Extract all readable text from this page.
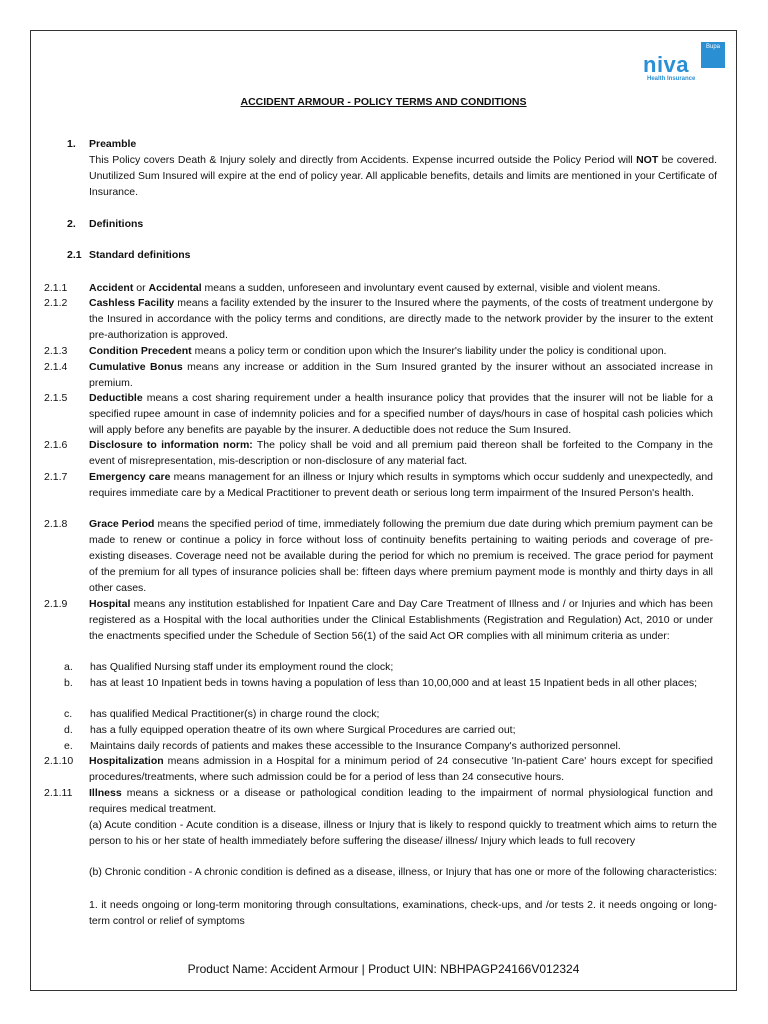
Bupa
niva
Health Insurance
ACCIDENT ARMOUR - POLICY TERMS AND CONDITIONS
1. Preamble
This Policy covers Death & Injury solely and directly from Accidents. Expense incurred outside the Policy Period will NOT be covered. Unutilized Sum Insured will expire at the end of policy year. All applicable benefits, details and limits are mentioned in your Certificate of Insurance.
2. Definitions
2.1 Standard definitions
2.1.1 Accident or Accidental means a sudden, unforeseen and involuntary event caused by external, visible and violent means.
2.1.2 Cashless Facility means a facility extended by the insurer to the Insured where the payments, of the costs of treatment undergone by the Insured in accordance with the policy terms and conditions, are directly made to the network provider by the insurer to the extent pre-authorization is approved.
2.1.3 Condition Precedent means a policy term or condition upon which the Insurer's liability under the policy is conditional upon.
2.1.4 Cumulative Bonus means any increase or addition in the Sum Insured granted by the insurer without an associated increase in premium.
2.1.5 Deductible means a cost sharing requirement under a health insurance policy that provides that the insurer will not be liable for a specified rupee amount in case of indemnity policies and for a specified number of days/hours in case of hospital cash policies which will apply before any benefits are payable by the insurer. A deductible does not reduce the Sum Insured.
2.1.6 Disclosure to information norm: The policy shall be void and all premium paid thereon shall be forfeited to the Company in the event of misrepresentation, mis-description or non-disclosure of any material fact.
2.1.7 Emergency care means management for an illness or Injury which results in symptoms which occur suddenly and unexpectedly, and requires immediate care by a Medical Practitioner to prevent death or serious long term impairment of the Insured Person's health.
2.1.8 Grace Period means the specified period of time, immediately following the premium due date during which premium payment can be made to renew or continue a policy in force without loss of continuity benefits pertaining to waiting periods and coverage of pre-existing diseases. Coverage need not be available during the period for which no premium is received. The grace period for payment of the premium for all types of insurance policies shall be: fifteen days where premium payment mode is monthly and thirty days in all other cases.
2.1.9 Hospital means any institution established for Inpatient Care and Day Care Treatment of Illness and / or Injuries and which has been registered as a Hospital with the local authorities under the Clinical Establishments (Registration and Regulation) Act, 2010 or under the enactments specified under the Schedule of Section 56(1) of the said Act OR complies with all minimum criteria as under:
a. has Qualified Nursing staff under its employment round the clock;
b. has at least 10 Inpatient beds in towns having a population of less than 10,00,000 and at least 15 Inpatient beds in all other places;
c. has qualified Medical Practitioner(s) in charge round the clock;
d. has a fully equipped operation theatre of its own where Surgical Procedures are carried out;
e. Maintains daily records of patients and makes these accessible to the Insurance Company's authorized personnel.
2.1.10 Hospitalization means admission in a Hospital for a minimum period of 24 consecutive 'In-patient Care' hours except for specified procedures/treatments, where such admission could be for a period of less than 24 consecutive hours.
2.1.11 Illness means a sickness or a disease or pathological condition leading to the impairment of normal physiological function and requires medical treatment.
(a) Acute condition - Acute condition is a disease, illness or Injury that is likely to respond quickly to treatment which aims to return the person to his or her state of health immediately before suffering the disease/ illness/ Injury which leads to full recovery
(b) Chronic condition - A chronic condition is defined as a disease, illness, or Injury that has one or more of the following characteristics:
1. it needs ongoing or long-term monitoring through consultations, examinations, check-ups, and /or tests 2. it needs ongoing or long-term control or relief of symptoms
Product Name: Accident Armour | Product UIN: NBHPAGP24166V012324
